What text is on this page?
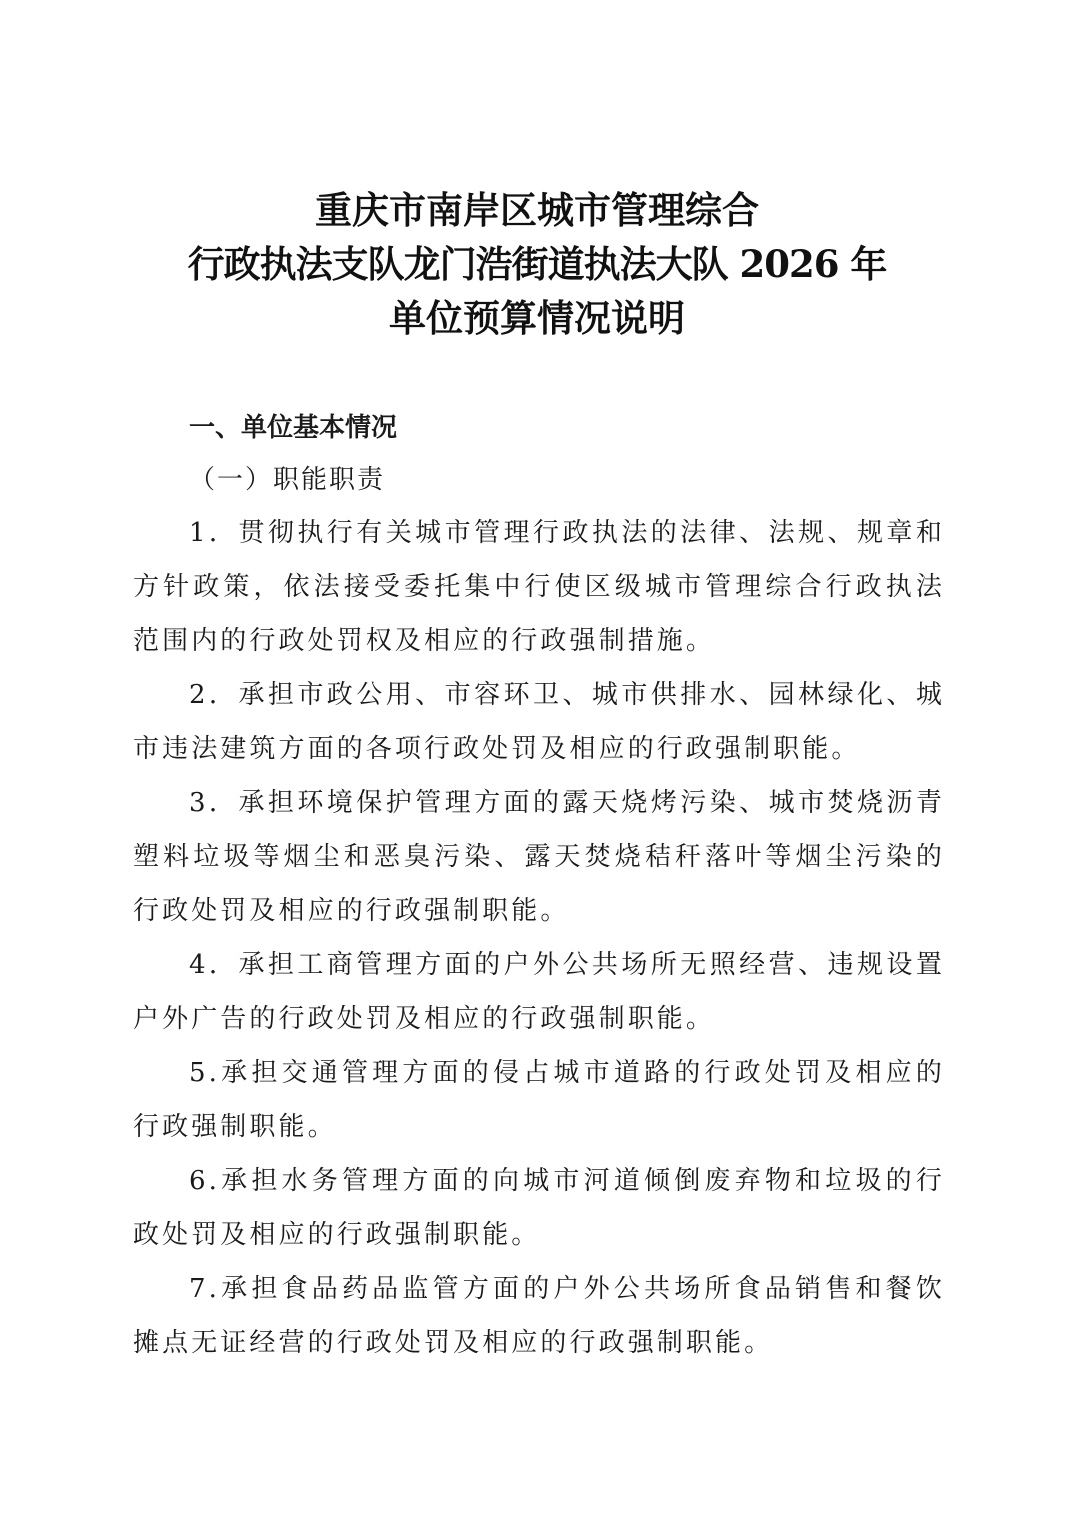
重庆市南岸区城市管理综合
行政执法支队龙门浩街道执法大队 2026 年
单位预算情况说明

一、单位基本情况

（一）职能职责

1．贯彻执行有关城市管理行政执法的法律、法规、规章和方针政策，依法接受委托集中行使区级城市管理综合行政执法范围内的行政处罚权及相应的行政强制措施。

2．承担市政公用、市容环卫、城市供排水、园林绿化、城市违法建筑方面的各项行政处罚及相应的行政强制职能。

3．承担环境保护管理方面的露天烧烤污染、城市焚烧沥青塑料垃圾等烟尘和恶臭污染、露天焚烧秸秆落叶等烟尘污染的行政处罚及相应的行政强制职能。

4．承担工商管理方面的户外公共场所无照经营、违规设置户外广告的行政处罚及相应的行政强制职能。

5.承担交通管理方面的侵占城市道路的行政处罚及相应的行政强制职能。

6.承担水务管理方面的向城市河道倾倒废弃物和垃圾的行政处罚及相应的行政强制职能。

7.承担食品药品监管方面的户外公共场所食品销售和餐饮摊点无证经营的行政处罚及相应的行政强制职能。
